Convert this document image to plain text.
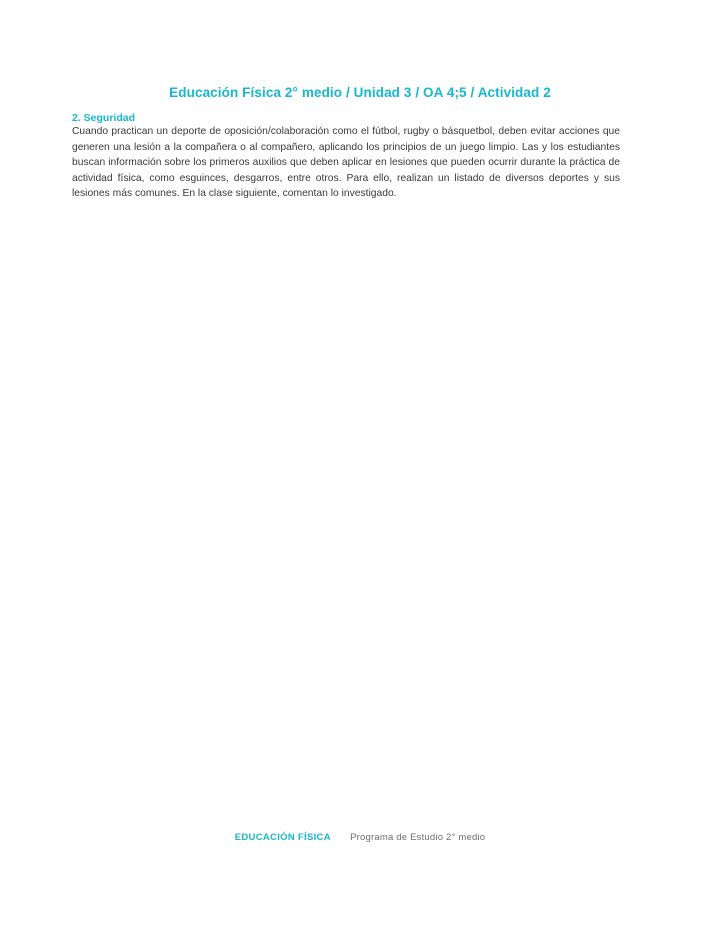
Educación Física 2° medio / Unidad 3 / OA 4;5 / Actividad 2
2. Seguridad
Cuando practican un deporte de oposición/colaboración como el fútbol, rugby o básquetbol, deben evitar acciones que generen una lesión a la compañera o al compañero, aplicando los principios de un juego limpio. Las y los estudiantes buscan información sobre los primeros auxilios que deben aplicar en lesiones que pueden ocurrir durante la práctica de actividad física, como esguinces, desgarros, entre otros. Para ello, realizan un listado de diversos deportes y sus lesiones más comunes. En la clase siguiente, comentan lo investigado.
EDUCACIÓN FÍSICA Programa de Estudio 2° medio
